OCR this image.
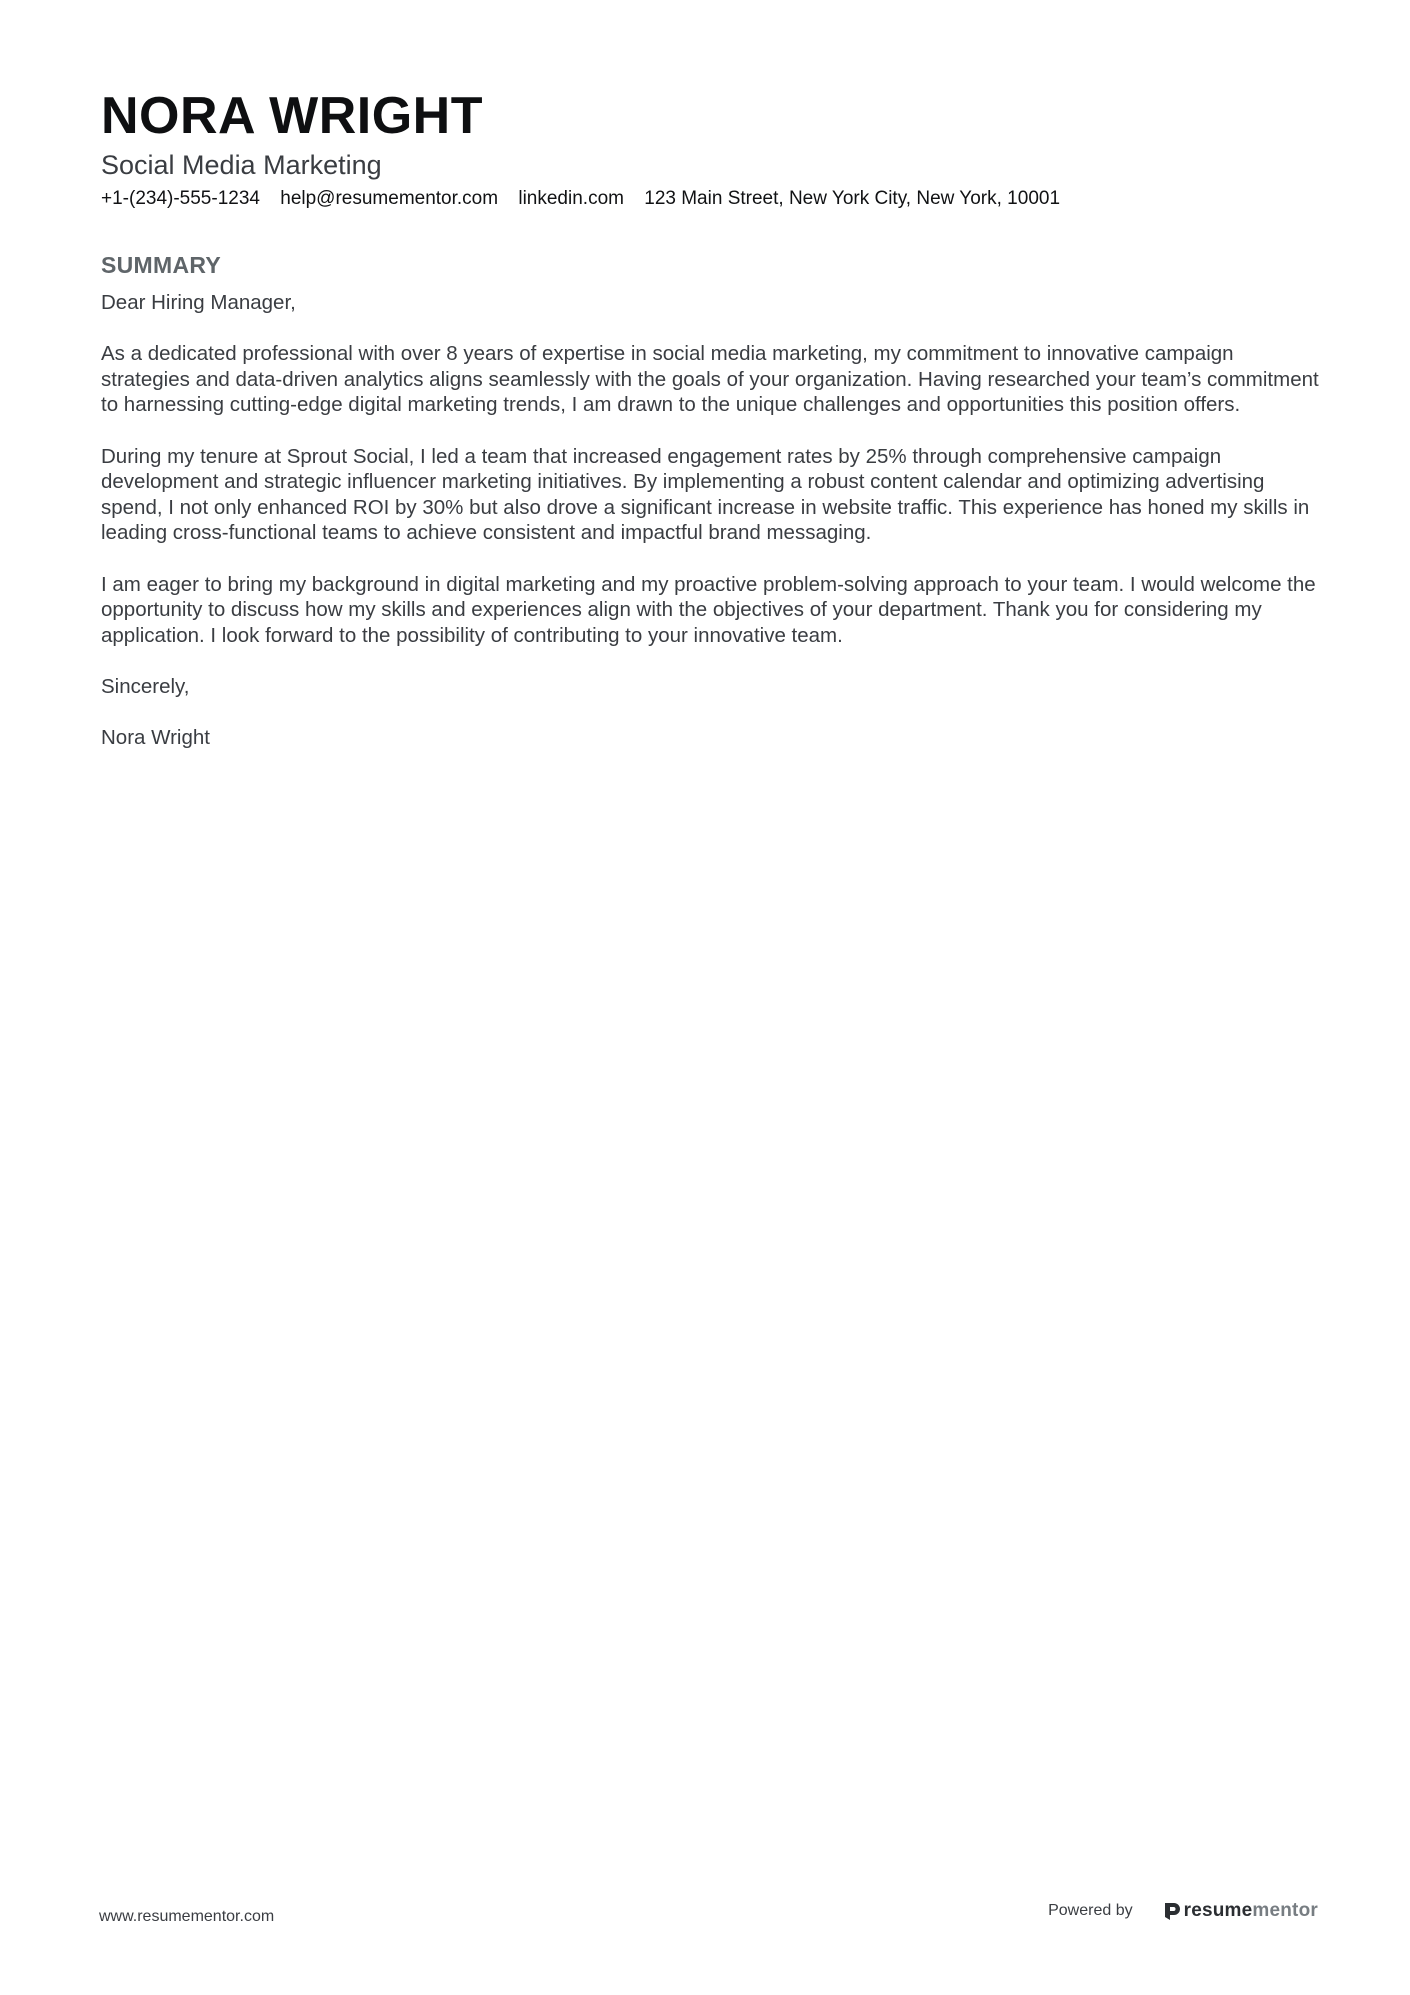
NORA WRIGHT
Social Media Marketing
+1-(234)-555-1234 help@resumementor.com linkedin.com 123 Main Street, New York City, New York, 10001
SUMMARY

Dear Hiring Manager,

As a dedicated professional with over 8 years of expertise in social media marketing, my commitment to innovative campaign strategies and data-driven analytics aligns seamlessly with the goals of your organization. Having researched your team’s commitment to harnessing cutting-edge digital marketing trends, I am drawn to the unique challenges and opportunities this position offers.

During my tenure at Sprout Social, I led a team that increased engagement rates by 25% through comprehensive campaign development and strategic influencer marketing initiatives. By implementing a robust content calendar and optimizing advertising spend, I not only enhanced ROI by 30% but also drove a significant increase in website traffic. This experience has honed my skills in leading cross-functional teams to achieve consistent and impactful brand messaging.

I am eager to bring my background in digital marketing and my proactive problem-solving approach to your team. I would welcome the opportunity to discuss how my skills and experiences align with the objectives of your department. Thank you for considering my application. I look forward to the possibility of contributing to your innovative team.

Sincerely,

Nora Wright

www.resumementor.com	Powered by	resumementor
